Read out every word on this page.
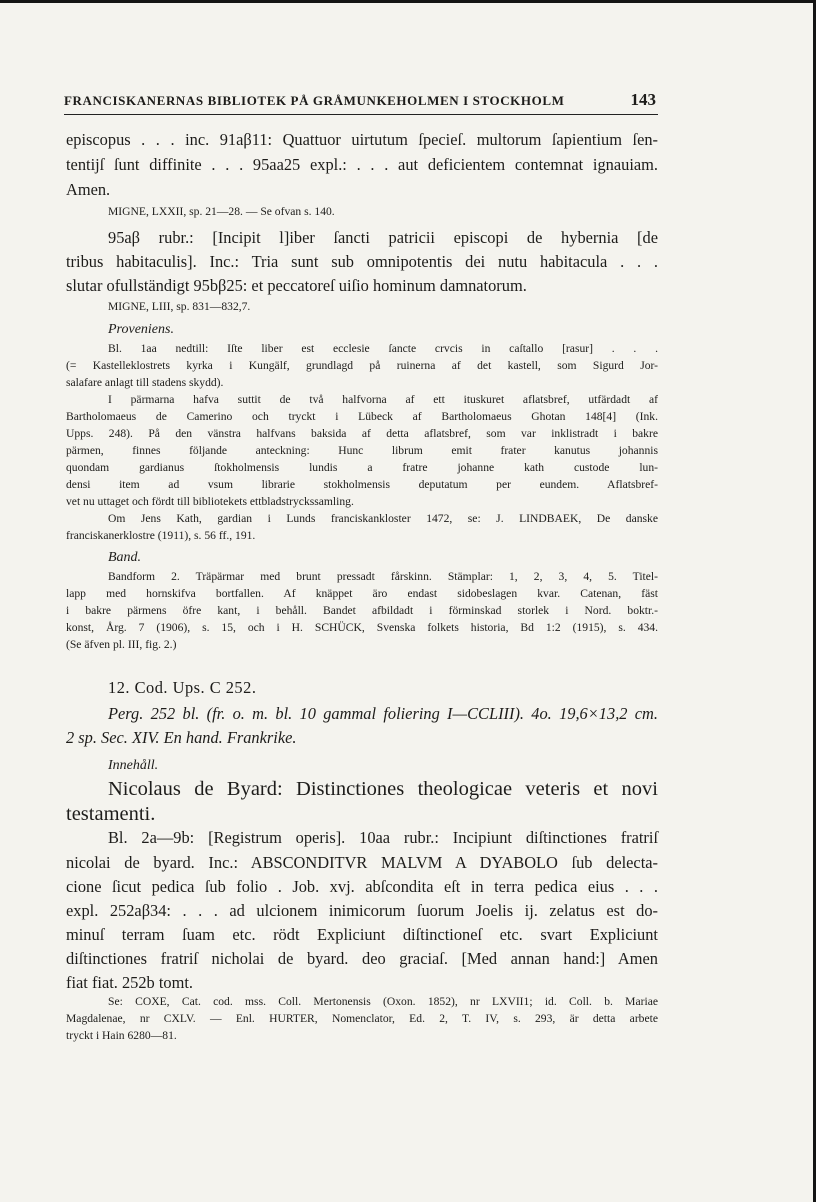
FRANCISKANERNAS BIBLIOTEK PÅ GRÅMUNKEHOLMEN I STOCKHOLM	143
episcopus . . . inc. 91aβ11: Quattuor uirtutum ſpecieſ. multorum ſapientium ſen-
tentijſ ſunt diffinite . . . 95aa25 expl.: . . . aut deficientem contemnat ignauiam.
Amen.
MIGNE, LXXII, sp. 21—28. — Se ofvan s. 140.
95aβ rubr.: [Incipit l]iber ſancti patricii episcopi de hybernia [de
tribus habitaculis]. Inc.: Tria sunt sub omnipotentis dei nutu habitacula . . .
slutar ofullständigt 95bβ25: et peccatoreſ uiſio hominum damnatorum.
MIGNE, LIII, sp. 831—832,7.
Proveniens.
Bl. 1aa nedtill: Iſte liber est ecclesie ſancte crvcis in caſtallo [rasur] . . .
(= Kastelleklostrets kyrka i Kungälf, grundlagd på ruinerna af det kastell, som Sigurd Jor-
salafare anlagt till stadens skydd).
I pärmarna hafva suttit de två halfvorna af ett ituskuret aflatsbref, utfärdadt af
Bartholomaeus de Camerino och tryckt i Lübeck af Bartholomaeus Ghotan 148[4] (Ink.
Upps. 248). På den vänstra halfvans baksida af detta aflatsbref, som var inklistradt i bakre
pärmen, finnes följande anteckning: Hunc librum emit frater kanutus johannis
quondam gardianus ſtokholmensis lundis a fratre johanne kath custode lun-
densi item ad vsum librarie stokholmensis deputatum per eundem. Aflatsbref-
vet nu uttaget och fördt till bibliotekets ettbladstryckssamling.
Om Jens Kath, gardian i Lunds franciskankloster 1472, se: J. LINDBAEK, De danske
franciskanerklostre (1911), s. 56 ff., 191.
Band.
Bandform 2. Träpärmar med brunt pressadt fårskinn. Stämplar: 1, 2, 3, 4, 5. Titel-
lapp med hornskifva bortfallen. Af knäppet äro endast sidobeslagen kvar. Catenan, fäst
i bakre pärmens öfre kant, i behåll. Bandet afbildadt i förminskad storlek i Nord. boktr.-
konst, Årg. 7 (1906), s. 15, och i H. SCHÜCK, Svenska folkets historia, Bd 1:2 (1915), s. 434.
(Se äfven pl. III, fig. 2.)
12. Cod. Ups. C 252.
Perg. 252 bl. (fr. o. m. bl. 10 gammal foliering I—CCLIII). 4o. 19,6×13,2 cm.
2 sp. Sec. XIV. En hand. Frankrike.
Innehåll.
Nicolaus de Byard: Distinctiones theologicae veteris et novi
testamenti.
Bl. 2a—9b: [Registrum operis]. 10aa rubr.: Incipiunt diſtinctiones fratriſ
nicolai de byard. Inc.: ABSCONDITVR MALVM A DYABOLO ſub delecta-
cione ſicut pedica ſub folio . Job. xvj. abſcondita eſt in terra pedica eius . . .
expl. 252aβ34: . . . ad ulcionem inimicorum ſuorum Joelis ij. zelatus est do-
minuſ terram ſuam etc. rödt Expliciunt diſtinctioneſ etc. svart Expliciunt
diſtinctiones fratriſ nicholai de byard. deo graciaſ. [Med annan hand:] Amen
fiat fiat. 252b tomt.
Se: COXE, Cat. cod. mss. Coll. Mertonensis (Oxon. 1852), nr LXVII1; id. Coll. b. Mariae
Magdalenae, nr CXLV. — Enl. HURTER, Nomenclator, Ed. 2, T. IV, s. 293, är detta arbete
tryckt i Hain 6280—81.
